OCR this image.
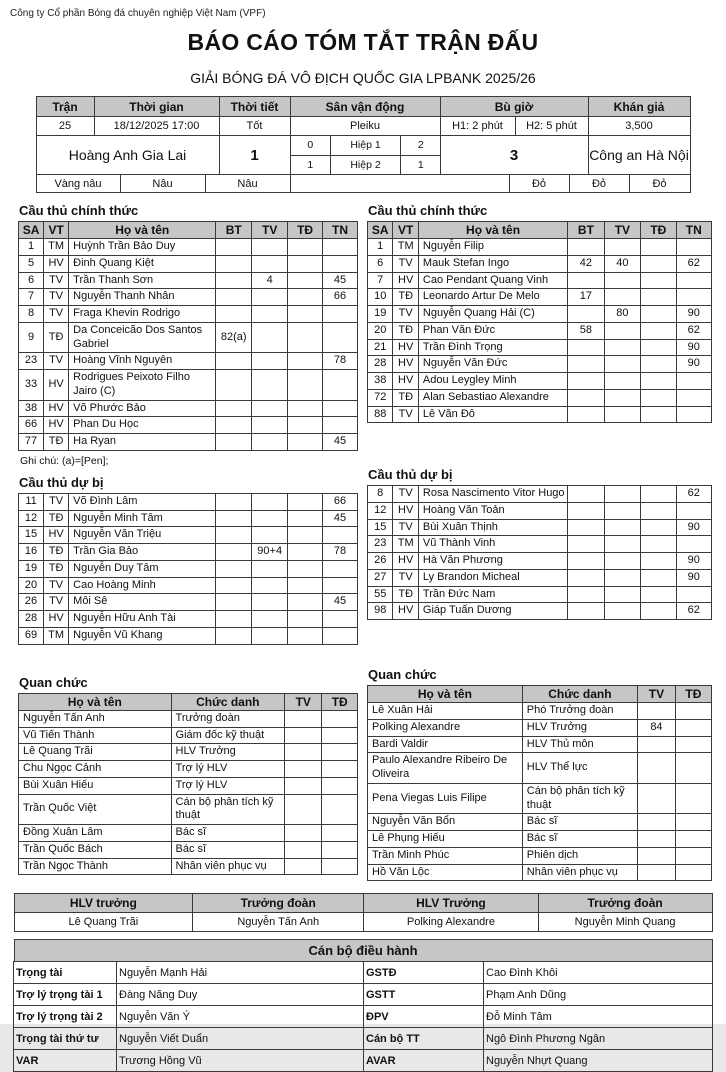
Công ty Cổ phần Bóng đá chuyên nghiệp Việt Nam (VPF)
BÁO CÁO TÓM TẮT TRẬN ĐẤU
GIẢI BÓNG ĐÁ VÔ ĐỊCH QUỐC GIA LPBANK 2025/26
Trận	Thời gian	Thời tiết	Sân vận động	Bù giờ	Khán giả
25	18/12/2025 17:00	Tốt	Pleiku	H1: 2 phút	H2: 5 phút	3,500
Hoàng Anh Gia Lai	1	
0	Hiệp 1	2
1	Hiệp 2	1
	3	Công an Hà Nội
Vàng nâu	Nâu	Nâu		Đỏ	Đỏ	Đỏ
Cầu thủ chính thức
SA	VT	Họ và tên	BT	TV	TĐ	TN
1	TM	Huỳnh Trần Bảo Duy				
5	HV	Đinh Quang Kiệt				
6	TV	Trần Thanh Sơn		4		45
7	TV	Nguyễn Thanh Nhân				66
8	TV	Fraga Khevin Rodrigo				
9	TĐ	Da Conceicão Dos Santos Gabriel	82(a)			
23	TV	Hoàng Vĩnh Nguyên				78
33	HV	Rodrigues Peixoto Filho Jairo (C)				
38	HV	Võ Phước Bảo				
66	HV	Phan Du Học				
77	TĐ	Ha Ryan				45
Ghi chú: (a)=[Pen];
Cầu thủ dự bị
11	TV	Võ Đình Lâm				66
12	TĐ	Nguyễn Minh Tâm				45
15	HV	Nguyễn Văn Triệu				
16	TĐ	Trần Gia Bảo		90+4		78
19	TĐ	Nguyễn Duy Tâm				
20	TV	Cao Hoàng Minh				
26	TV	Môi Sê				45
28	HV	Nguyễn Hữu Anh Tài				
69	TM	Nguyễn Vũ Khang				
Quan chức
Họ và tên	Chức danh	TV	TĐ
Nguyễn Tấn Anh	Trưởng đoàn		
Vũ Tiến Thành	Giám đốc kỹ thuật		
Lê Quang Trãi	HLV Trưởng		
Chu Ngọc Cảnh	Trợ lý HLV		
Bùi Xuân Hiếu	Trợ lý HLV		
Trần Quốc Việt	Cán bộ phân tích kỹ thuật		
Đồng Xuân Lâm	Bác sĩ		
Trần Quốc Bách	Bác sĩ		
Trần Ngọc Thành	Nhân viên phục vụ		
Cầu thủ chính thức
SA	VT	Họ và tên	BT	TV	TĐ	TN
1	TM	Nguyễn Filip				
6	TV	Mauk Stefan Ingo	42	40		62
7	HV	Cao Pendant Quang Vinh				
10	TĐ	Leonardo Artur De Melo	17			
19	TV	Nguyễn Quang Hải (C)		80		90
20	TĐ	Phan Văn Đức	58			62
21	HV	Trần Đình Trọng				90
28	HV	Nguyễn Văn Đức				90
38	HV	Adou Leygley Minh				
72	TĐ	Alan Sebastiao Alexandre				
88	TV	Lê Văn Đô				
Cầu thủ dự bị
8	TV	Rosa Nascimento Vitor Hugo				62
12	HV	Hoàng Văn Toản				
15	TV	Bùi Xuân Thịnh				90
23	TM	Vũ Thành Vinh				
26	HV	Hà Văn Phương				90
27	TV	Ly Brandon Micheal				90
55	TĐ	Trần Đức Nam				
98	HV	Giáp Tuấn Dương				62
Quan chức
Họ và tên	Chức danh	TV	TĐ
Lê Xuân Hải	Phó Trưởng đoàn		
Polking Alexandre	HLV Trưởng	84	
Bardi Valdir	HLV Thủ môn		
Paulo Alexandre Ribeiro De Oliveira	HLV Thể lực		
Pena Viegas Luis Filipe	Cán bộ phân tích kỹ thuật		
Nguyễn Văn Bổn	Bác sĩ		
Lê Phụng Hiếu	Bác sĩ		
Trần Minh Phúc	Phiên dịch		
Hồ Văn Lộc	Nhân viên phục vụ		
HLV trưởng	Trưởng đoàn	HLV Trưởng	Trưởng đoàn
Lê Quang Trãi	Nguyễn Tấn Anh	Polking Alexandre	Nguyễn Minh Quang
Cán bộ điều hành
Trọng tài	Nguyễn Mạnh Hải	GSTĐ	Cao Đình Khôi
Trợ lý trọng tài 1	Đàng Năng Duy	GSTT	Phạm Anh Dũng
Trợ lý trọng tài 2	Nguyễn Văn Ý	ĐPV	Đỗ Minh Tâm
Trọng tài thứ tư	Nguyễn Viết Duẩn	Cán bộ TT	Ngô Đình Phương Ngân
VAR	Trương Hồng Vũ	AVAR	Nguyễn Nhựt Quang
